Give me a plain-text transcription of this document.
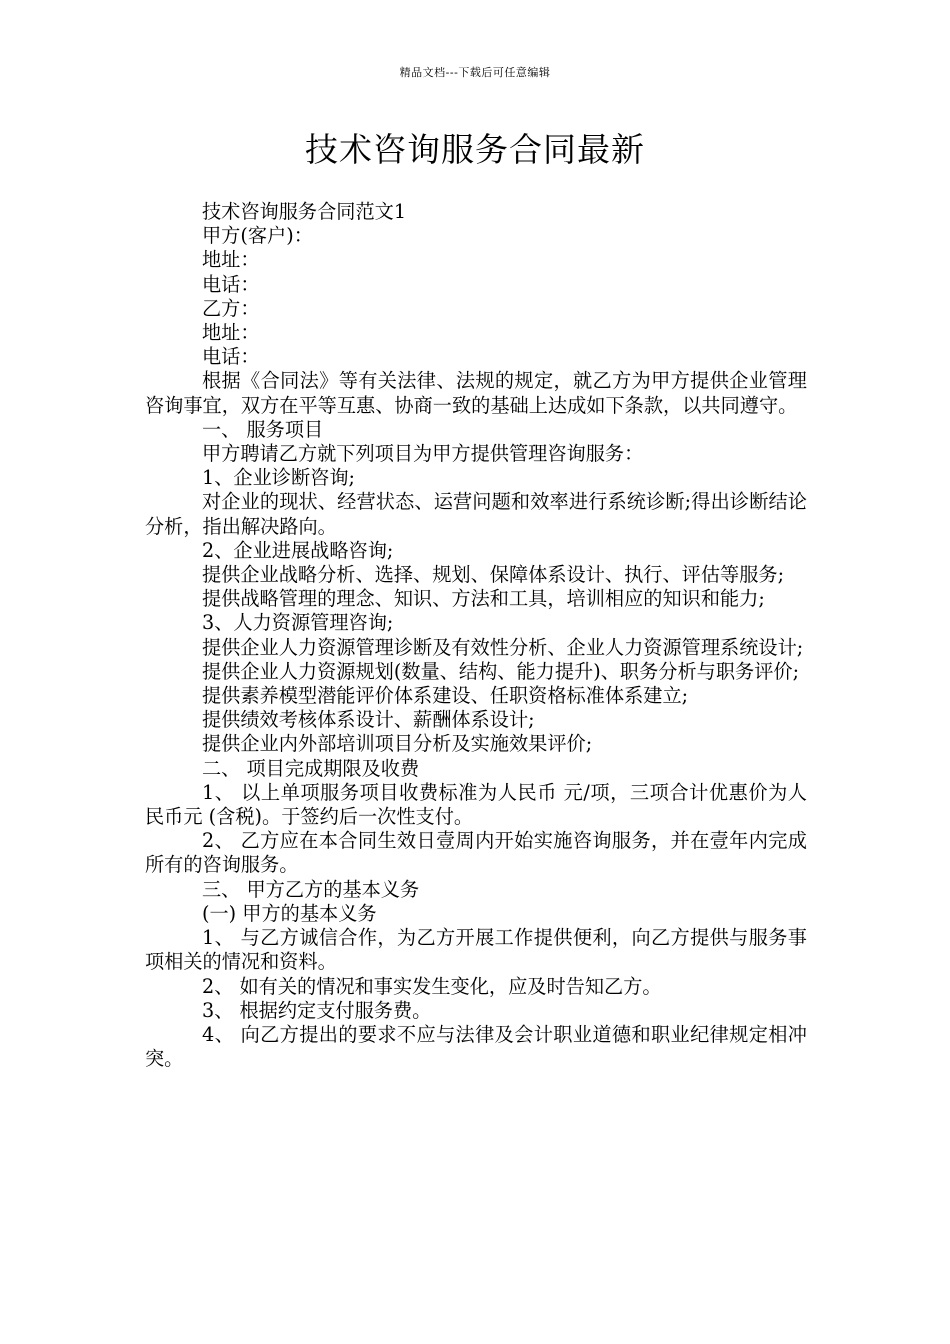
精品文档---下载后可任意编辑
技术咨询服务合同最新

技术咨询服务合同范文1

甲方(客户)：

地址：

电话：

乙方：

地址：

电话：

根据《合同法》等有关法律、法规的规定，就乙方为甲方提供企业管理咨询事宜，双方在平等互惠、协商一致的基础上达成如下条款，以共同遵守。

一、 服务项目

甲方聘请乙方就下列项目为甲方提供管理咨询服务：

1、企业诊断咨询;

对企业的现状、经营状态、运营问题和效率进行系统诊断;得出诊断结论分析，指出解决路向。

2、企业进展战略咨询;

提供企业战略分析、选择、规划、保障体系设计、执行、评估等服务;

提供战略管理的理念、知识、方法和工具，培训相应的知识和能力;

3、人力资源管理咨询;

提供企业人力资源管理诊断及有效性分析、企业人力资源管理系统设计;

提供企业人力资源规划(数量、结构、能力提升)、职务分析与职务评价;

提供素养模型潜能评价体系建设、任职资格标准体系建立;

提供绩效考核体系设计、薪酬体系设计;

提供企业内外部培训项目分析及实施效果评价;

二、 项目完成期限及收费

1、 以上单项服务项目收费标准为人民币 元/项，三项合计优惠价为人民币元 (含税)。于签约后一次性支付。

2、 乙方应在本合同生效日壹周内开始实施咨询服务，并在壹年内完成所有的咨询服务。

三、 甲方乙方的基本义务

(一) 甲方的基本义务

1、 与乙方诚信合作，为乙方开展工作提供便利，向乙方提供与服务事项相关的情况和资料。

2、 如有关的情况和事实发生变化，应及时告知乙方。

3、 根据约定支付服务费。

4、 向乙方提出的要求不应与法律及会计职业道德和职业纪律规定相冲突。
